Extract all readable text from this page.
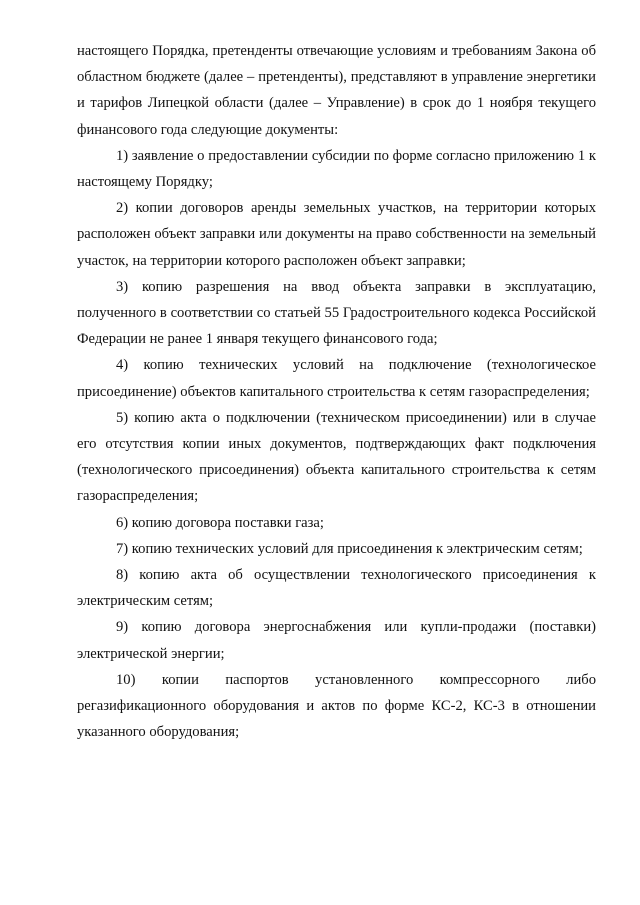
настоящего Порядка, претенденты отвечающие условиям и требованиям Закона об областном бюджете (далее – претенденты), представляют в управление энергетики и тарифов Липецкой области (далее – Управление) в срок до 1 ноября текущего финансового года следующие документы:

1) заявление о предоставлении субсидии по форме согласно приложению 1 к настоящему Порядку;

2) копии договоров аренды земельных участков, на территории которых расположен объект заправки или документы на право собственности на земельный участок, на территории которого расположен объект заправки;

3) копию разрешения на ввод объекта заправки в эксплуатацию, полученного в соответствии со статьей 55 Градостроительного кодекса Российской Федерации не ранее 1 января текущего финансового года;

4) копию технических условий на подключение (технологическое присоединение) объектов капитального строительства к сетям газораспределения;

5) копию акта о подключении (техническом присоединении) или в случае его отсутствия копии иных документов, подтверждающих факт подключения (технологического присоединения) объекта капитального строительства к сетям газораспределения;

6) копию договора поставки газа;

7) копию технических условий для присоединения к электрическим сетям;

8) копию акта об осуществлении технологического присоединения к электрическим сетям;

9) копию договора энергоснабжения или купли-продажи (поставки) электрической энергии;

10) копии паспортов установленного компрессорного либо регазификационного оборудования и актов по форме КС-2, КС-3 в отношении указанного оборудования;
